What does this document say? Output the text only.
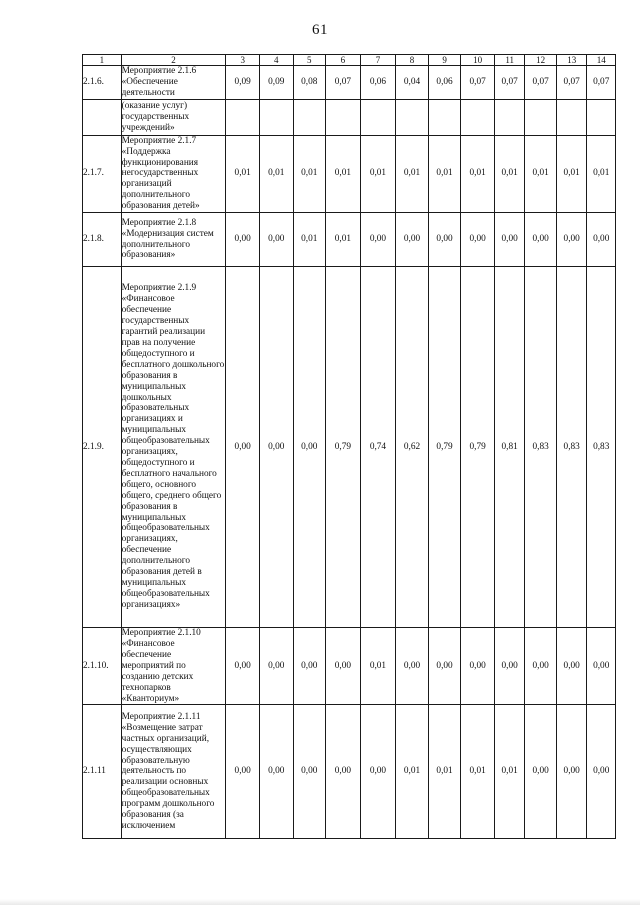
61
1	2	3	4	5	6	7	8	9	10	11	12	13	14
2.1.6.	Мероприятие 2.1.6 «Обеспечение деятельности	0,09	0,09	0,08	0,07	0,06	0,04	0,06	0,07	0,07	0,07	0,07	0,07
	(оказание услуг) государственных учреждений»												
2.1.7.	Мероприятие 2.1.7 «Поддержка функционирования негосударственных организаций дополнительного образования детей»	0,01	0,01	0,01	0,01	0,01	0,01	0,01	0,01	0,01	0,01	0,01	0,01
2.1.8.	Мероприятие 2.1.8 «Модернизация систем дополнительного образования»	0,00	0,00	0,01	0,01	0,00	0,00	0,00	0,00	0,00	0,00	0,00	0,00
2.1.9.	Мероприятие 2.1.9 «Финансовое обеспечение государственных гарантий реализации прав на получение общедоступного и бесплатного дошкольного образования в муниципальных дошкольных образовательных организациях и муниципальных общеобразовательных организациях, общедоступного и бесплатного начального общего, основного общего, среднего общего образования в муниципальных общеобразовательных организациях, обеспечение дополнительного образования детей в муниципальных общеобразовательных организациях»	0,00	0,00	0,00	0,79	0,74	0,62	0,79	0,79	0,81	0,83	0,83	0,83
2.1.10.	Мероприятие 2.1.10 «Финансовое обеспечение мероприятий по созданию детских технопарков «Кванториум»	0,00	0,00	0,00	0,00	0,01	0,00	0,00	0,00	0,00	0,00	0,00	0,00
2.1.11	Мероприятие 2.1.11 «Возмещение затрат частных организаций, осуществляющих образовательную деятельность по реализации основных общеобразовательных программ дошкольного образования (за исключением	0,00	0,00	0,00	0,00	0,00	0,01	0,01	0,01	0,01	0,00	0,00	0,00
